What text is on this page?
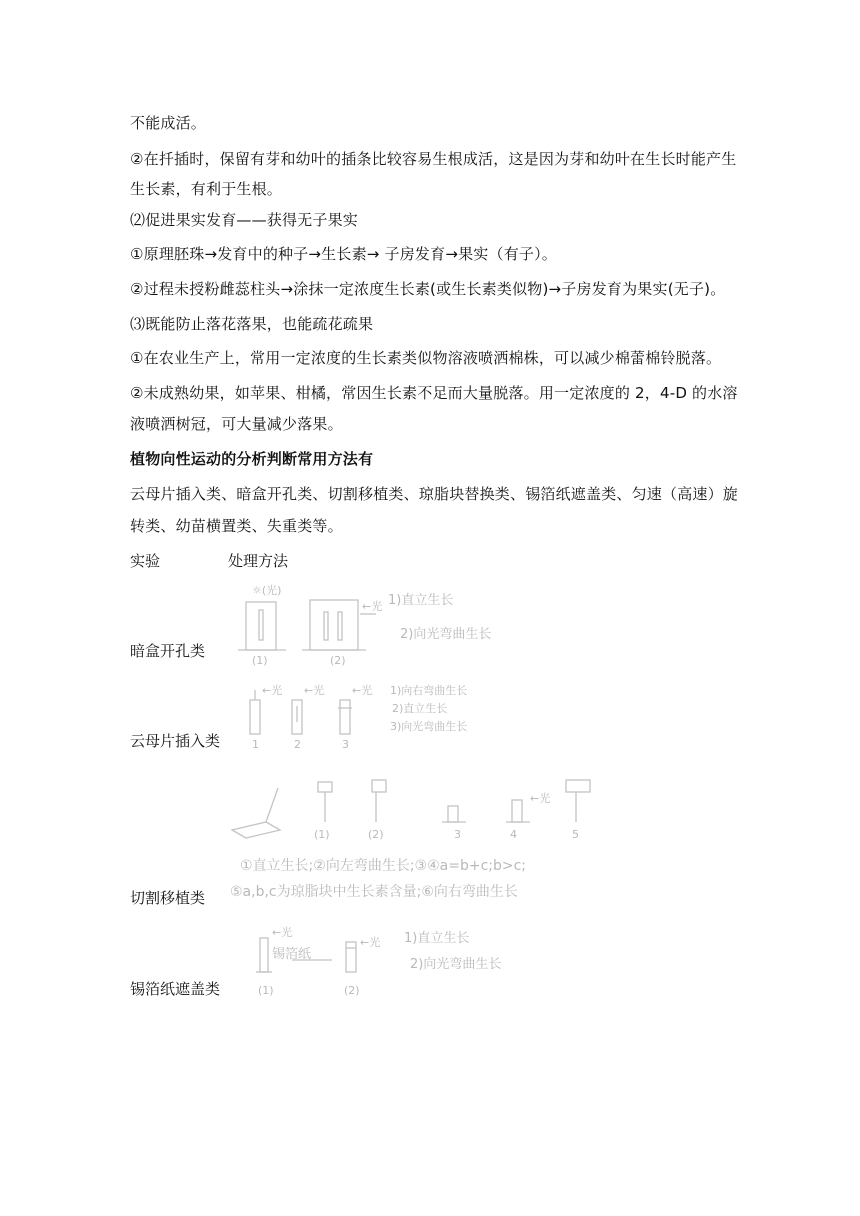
不能成活。
②在扦插时，保留有芽和幼叶的插条比较容易生根成活，这是因为芽和幼叶在生长时能产生
生长素，有利于生根。
⑵促进果实发育——获得无子果实
①原理胚珠→发育中的种子→生长素→ 子房发育→果实（有子）。
②过程未授粉雌蕊柱头→涂抹一定浓度生长素(或生长素类似物)→子房发育为果实(无子)。
⑶既能防止落花落果，也能疏花疏果
①在农业生产上，常用一定浓度的生长素类似物溶液喷洒棉株，可以减少棉蕾棉铃脱落。
②未成熟幼果，如苹果、柑橘，常因生长素不足而大量脱落。用一定浓度的 2，4-D 的水溶
液喷洒树冠，可大量减少落果。
植物向性运动的分析判断常用方法有
云母片插入类、暗盒开孔类、切割移植类、琼脂块替换类、锡箔纸遮盖类、匀速（高速）旋
转类、幼苗横置类、失重类等。
实验	处理方法
暗盒开孔类
☼(光)
←光 1)直立生长
2)向光弯曲生长
(1)	(2)
云母片插入类
←光 ←光	←光 1)向右弯曲生长
2)直立生长
3)向光弯曲生长
1	2	3
切割移植类
(1)	(2)	3	4	5
←光
①直立生长;②向左弯曲生长;③④a=b+c;b>c;
⑤a,b,c为琼脂块中生长素含量;⑥向右弯曲生长
锡箔纸遮盖类
←光
锡箔纸
←光 1)直立生长
2)向光弯曲生长
(1)	(2)
